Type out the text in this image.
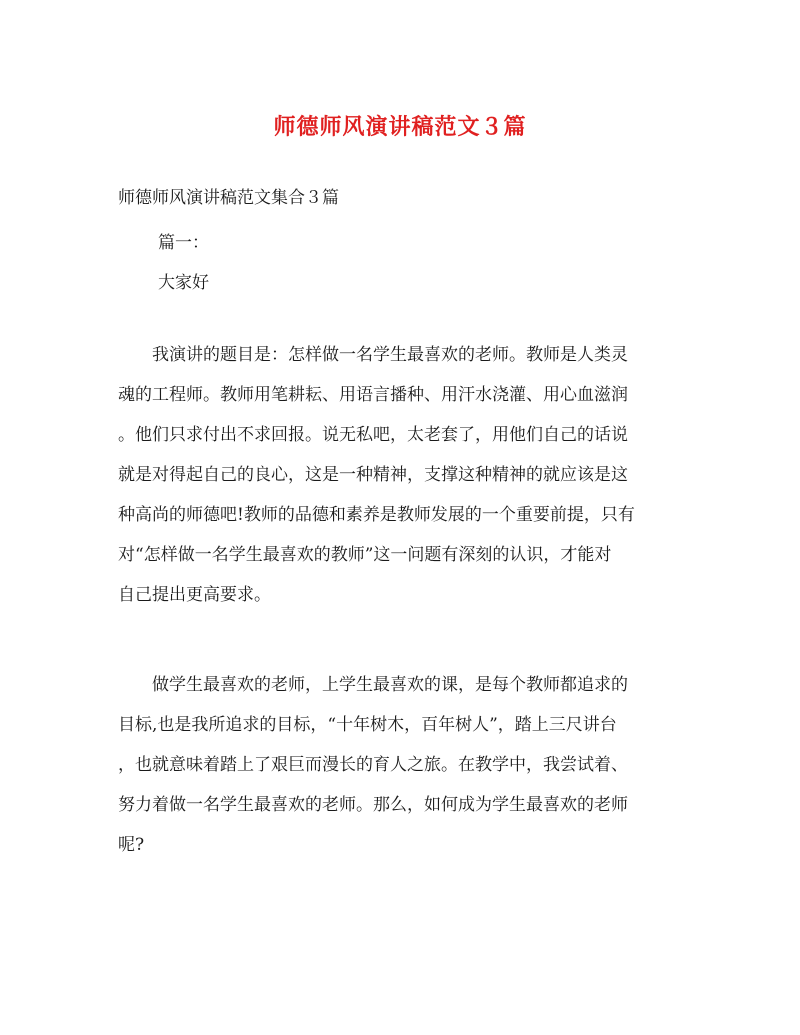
师德师风演讲稿范文３篇

师德师风演讲稿范文集合３篇

篇一：

大家好

　　我演讲的题目是：怎样做一名学生最喜欢的老师。教师是人类灵
魂的工程师。教师用笔耕耘、用语言播种、用汗水浇灌、用心血滋润
。他们只求付出不求回报。说无私吧，太老套了，用他们自己的话说
就是对得起自己的良心，这是一种精神，支撑这种精神的就应该是这
种高尚的师德吧!教师的品德和素养是教师发展的一个重要前提，只有
对“怎样做一名学生最喜欢的教师”这一问题有深刻的认识，才能对
自己提出更高要求。
　　做学生最喜欢的老师，上学生最喜欢的课，是每个教师都追求的
目标,也是我所追求的目标，“十年树木，百年树人”，踏上三尺讲台
，也就意味着踏上了艰巨而漫长的育人之旅。在教学中，我尝试着、
努力着做一名学生最喜欢的老师。那么，如何成为学生最喜欢的老师
呢?
